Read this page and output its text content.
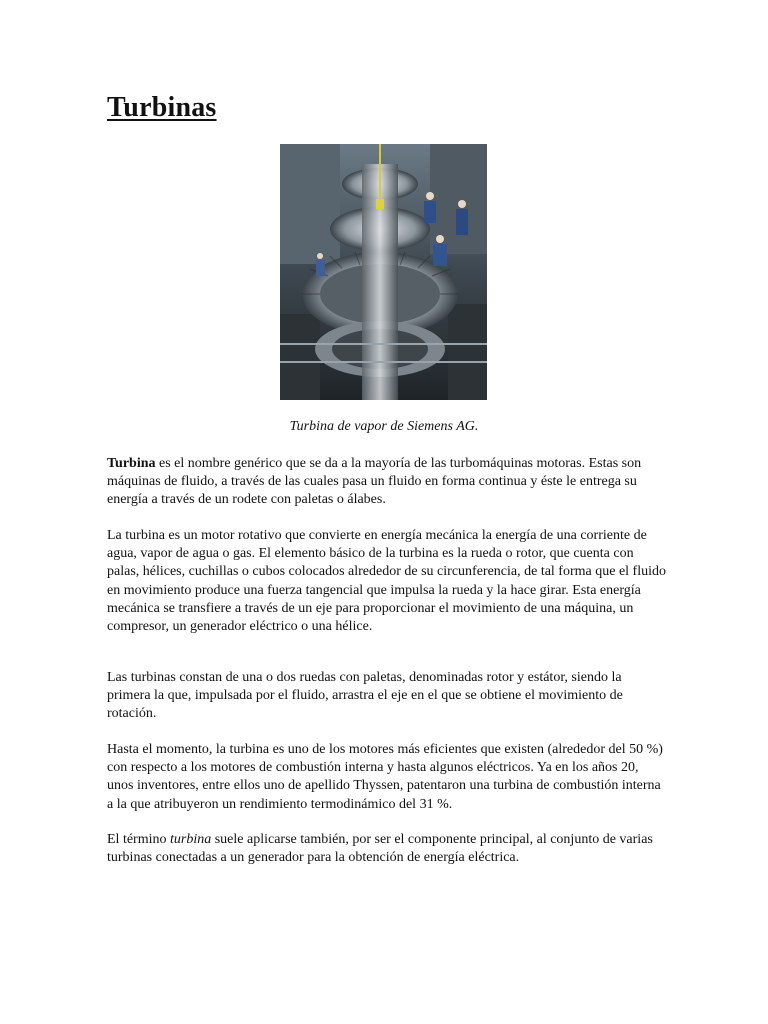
Turbinas

Turbina de vapor de Siemens AG.

Turbina es el nombre genérico que se da a la mayoría de las turbomáquinas motoras. Estas son máquinas de fluido, a través de las cuales pasa un fluido en forma continua y éste le entrega su energía a través de un rodete con paletas o álabes.

La turbina es un motor rotativo que convierte en energía mecánica la energía de una corriente de agua, vapor de agua o gas. El elemento básico de la turbina es la rueda o rotor, que cuenta con palas, hélices, cuchillas o cubos colocados alrededor de su circunferencia, de tal forma que el fluido en movimiento produce una fuerza tangencial que impulsa la rueda y la hace girar. Esta energía mecánica se transfiere a través de un eje para proporcionar el movimiento de una máquina, un compresor, un generador eléctrico o una hélice.

Las turbinas constan de una o dos ruedas con paletas, denominadas rotor y estátor, siendo la primera la que, impulsada por el fluido, arrastra el eje en el que se obtiene el movimiento de rotación.

Hasta el momento, la turbina es uno de los motores más eficientes que existen (alrededor del 50 %) con respecto a los motores de combustión interna y hasta algunos eléctricos. Ya en los años 20, unos inventores, entre ellos uno de apellido Thyssen, patentaron una turbina de combustión interna a la que atribuyeron un rendimiento termodinámico del 31 %.

El término turbina suele aplicarse también, por ser el componente principal, al conjunto de varias turbinas conectadas a un generador para la obtención de energía eléctrica.
